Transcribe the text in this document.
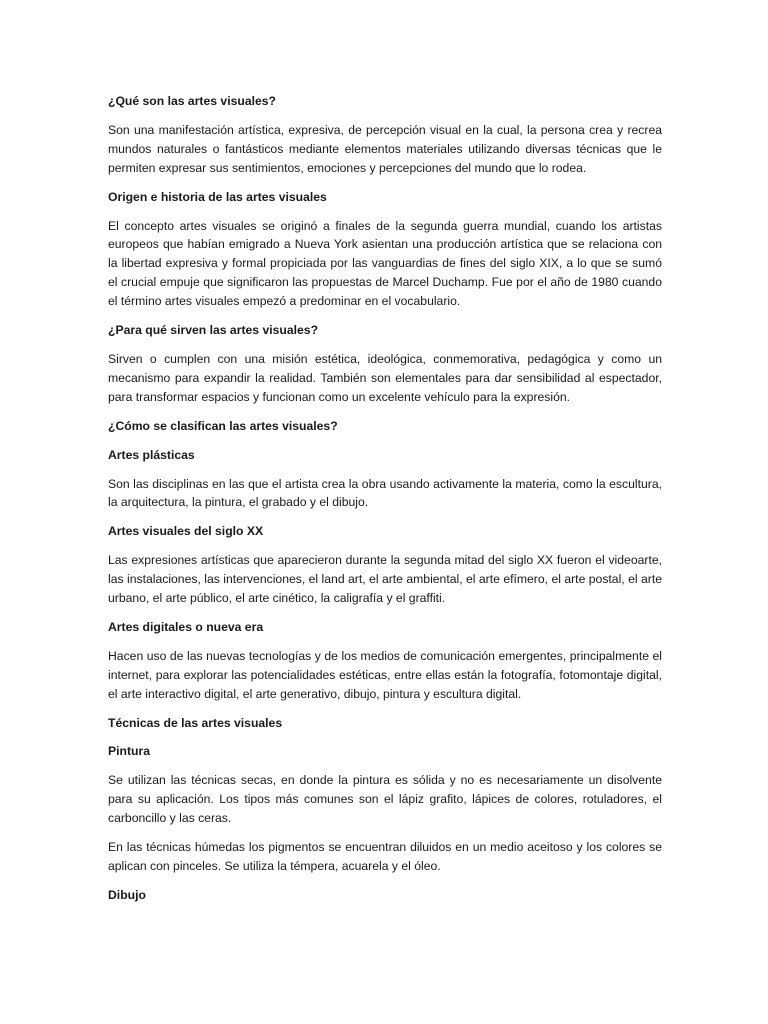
¿Qué son las artes visuales?

Son una manifestación artística, expresiva, de percepción visual en la cual, la persona crea y recrea mundos naturales o fantásticos mediante elementos materiales utilizando diversas técnicas que le permiten expresar sus sentimientos, emociones y percepciones del mundo que lo rodea.

Origen e historia de las artes visuales

El concepto artes visuales se originó a finales de la segunda guerra mundial, cuando los artistas europeos que habían emigrado a Nueva York asientan una producción artística que se relaciona con la libertad expresiva y formal propiciada por las vanguardias de fines del siglo XIX, a lo que se sumó el crucial empuje que significaron las propuestas de Marcel Duchamp. Fue por el año de 1980 cuando el término artes visuales empezó a predominar en el vocabulario.

¿Para qué sirven las artes visuales?

Sirven o cumplen con una misión estética, ideológica, conmemorativa, pedagógica y como un mecanismo para expandir la realidad. También son elementales para dar sensibilidad al espectador, para transformar espacios y funcionan como un excelente vehículo para la expresión.

¿Cómo se clasifican las artes visuales?

Artes plásticas

Son las disciplinas en las que el artista crea la obra usando activamente la materia, como la escultura, la arquitectura, la pintura, el grabado y el dibujo.

Artes visuales del siglo XX

Las expresiones artísticas que aparecieron durante la segunda mitad del siglo XX fueron el videoarte, las instalaciones, las intervenciones, el land art, el arte ambiental, el arte efímero, el arte postal, el arte urbano, el arte público, el arte cinético, la caligrafía y el graffiti.

Artes digitales o nueva era

Hacen uso de las nuevas tecnologías y de los medios de comunicación emergentes, principalmente el internet, para explorar las potencialidades estéticas, entre ellas están la fotografía, fotomontaje digital, el arte interactivo digital, el arte generativo, dibujo, pintura y escultura digital.

Técnicas de las artes visuales

Pintura

Se utilizan las técnicas secas, en donde la pintura es sólida y no es necesariamente un disolvente para su aplicación. Los tipos más comunes son el lápiz grafito, lápices de colores, rotuladores, el carboncillo y las ceras.

En las técnicas húmedas los pigmentos se encuentran diluidos en un medio aceitoso y los colores se aplican con pinceles. Se utiliza la témpera, acuarela y el óleo.

Dibujo
